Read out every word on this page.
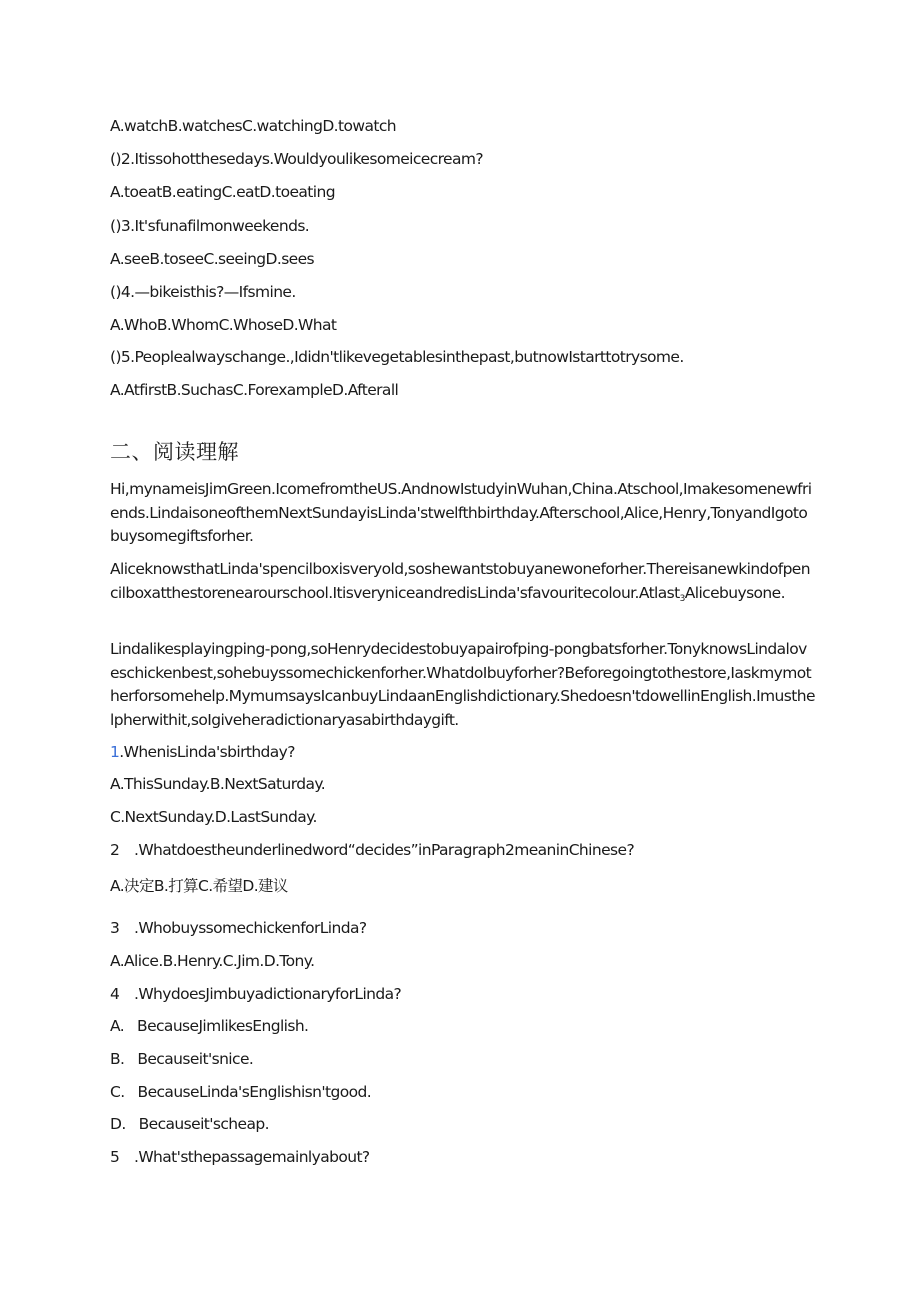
A.watchB.watchesC.watchingD.towatch
()2.Itissohotthesedays.Wouldyoulikesomeicecream?
A.toeatB.eatingC.eatD.toeating
()3.It'sfunafilmonweekends.
A.seeB.toseeC.seeingD.sees
()4.—bikeisthis?—Ifsmine.
A.WhoB.WhomC.WhoseD.What
()5.Peoplealwayschange.,Ididn'tlikevegetablesinthepast,butnowIstarttotrysome.
A.AtfirstB.SuchasC.ForexampleD.Afterall
二、阅读理解
Hi,mynameisJimGreen.IcomefromtheUS.AndnowIstudyinWuhan,China.Atschool,Imakesomenewfriends.LindaisoneofthemNextSundayisLinda'stwelfthbirthday.Afterschool,Alice,Henry,TonyandIgotobuysomegiftsforher.
AliceknowsthatLinda'spencilboxisveryold,soshewantstobuyanewoneforher.Thereisanewkindofpencilboxatthestorenearourschool.ItisveryniceandredisLinda'sfavouritecolour.Atlast$_3$Alicebuysone.
Lindalikesplayingping-pong,soHenrydecidestobuyapairofping-pongbatsforher.TonyknowsLindaloveschickenbest,sohebuyssomechickenforher.WhatdoIbuyforher?Beforegoingtothestore,Iaskmymotherforsomehelp.MymumsaysIcanbuyLindaanEnglishdictionary.Shedoesn'tdowellinEnglish.Imusthelpherwithit,soIgiveheradictionaryasabirthdaygift.
1.WhenisLinda'sbirthday?
A.ThisSunday.B.NextSaturday.
C.NextSunday.D.LastSunday.
2 .Whatdoestheunderlinedword“decides”inParagraph2meaninChinese?
A.决定B.打算C.希望D.建议
3 .WhobuyssomechickenforLinda?
A.Alice.B.Henry.C.Jim.D.Tony.
4 .WhydoesJimbuyadictionaryforLinda?
A.   BecauseJimlikesEnglish.
B.   Becauseit'snice.
C.   BecauseLinda'sEnglishisn'tgood.
D.   Becauseit'scheap.
5 .What'sthepassagemainlyabout?
